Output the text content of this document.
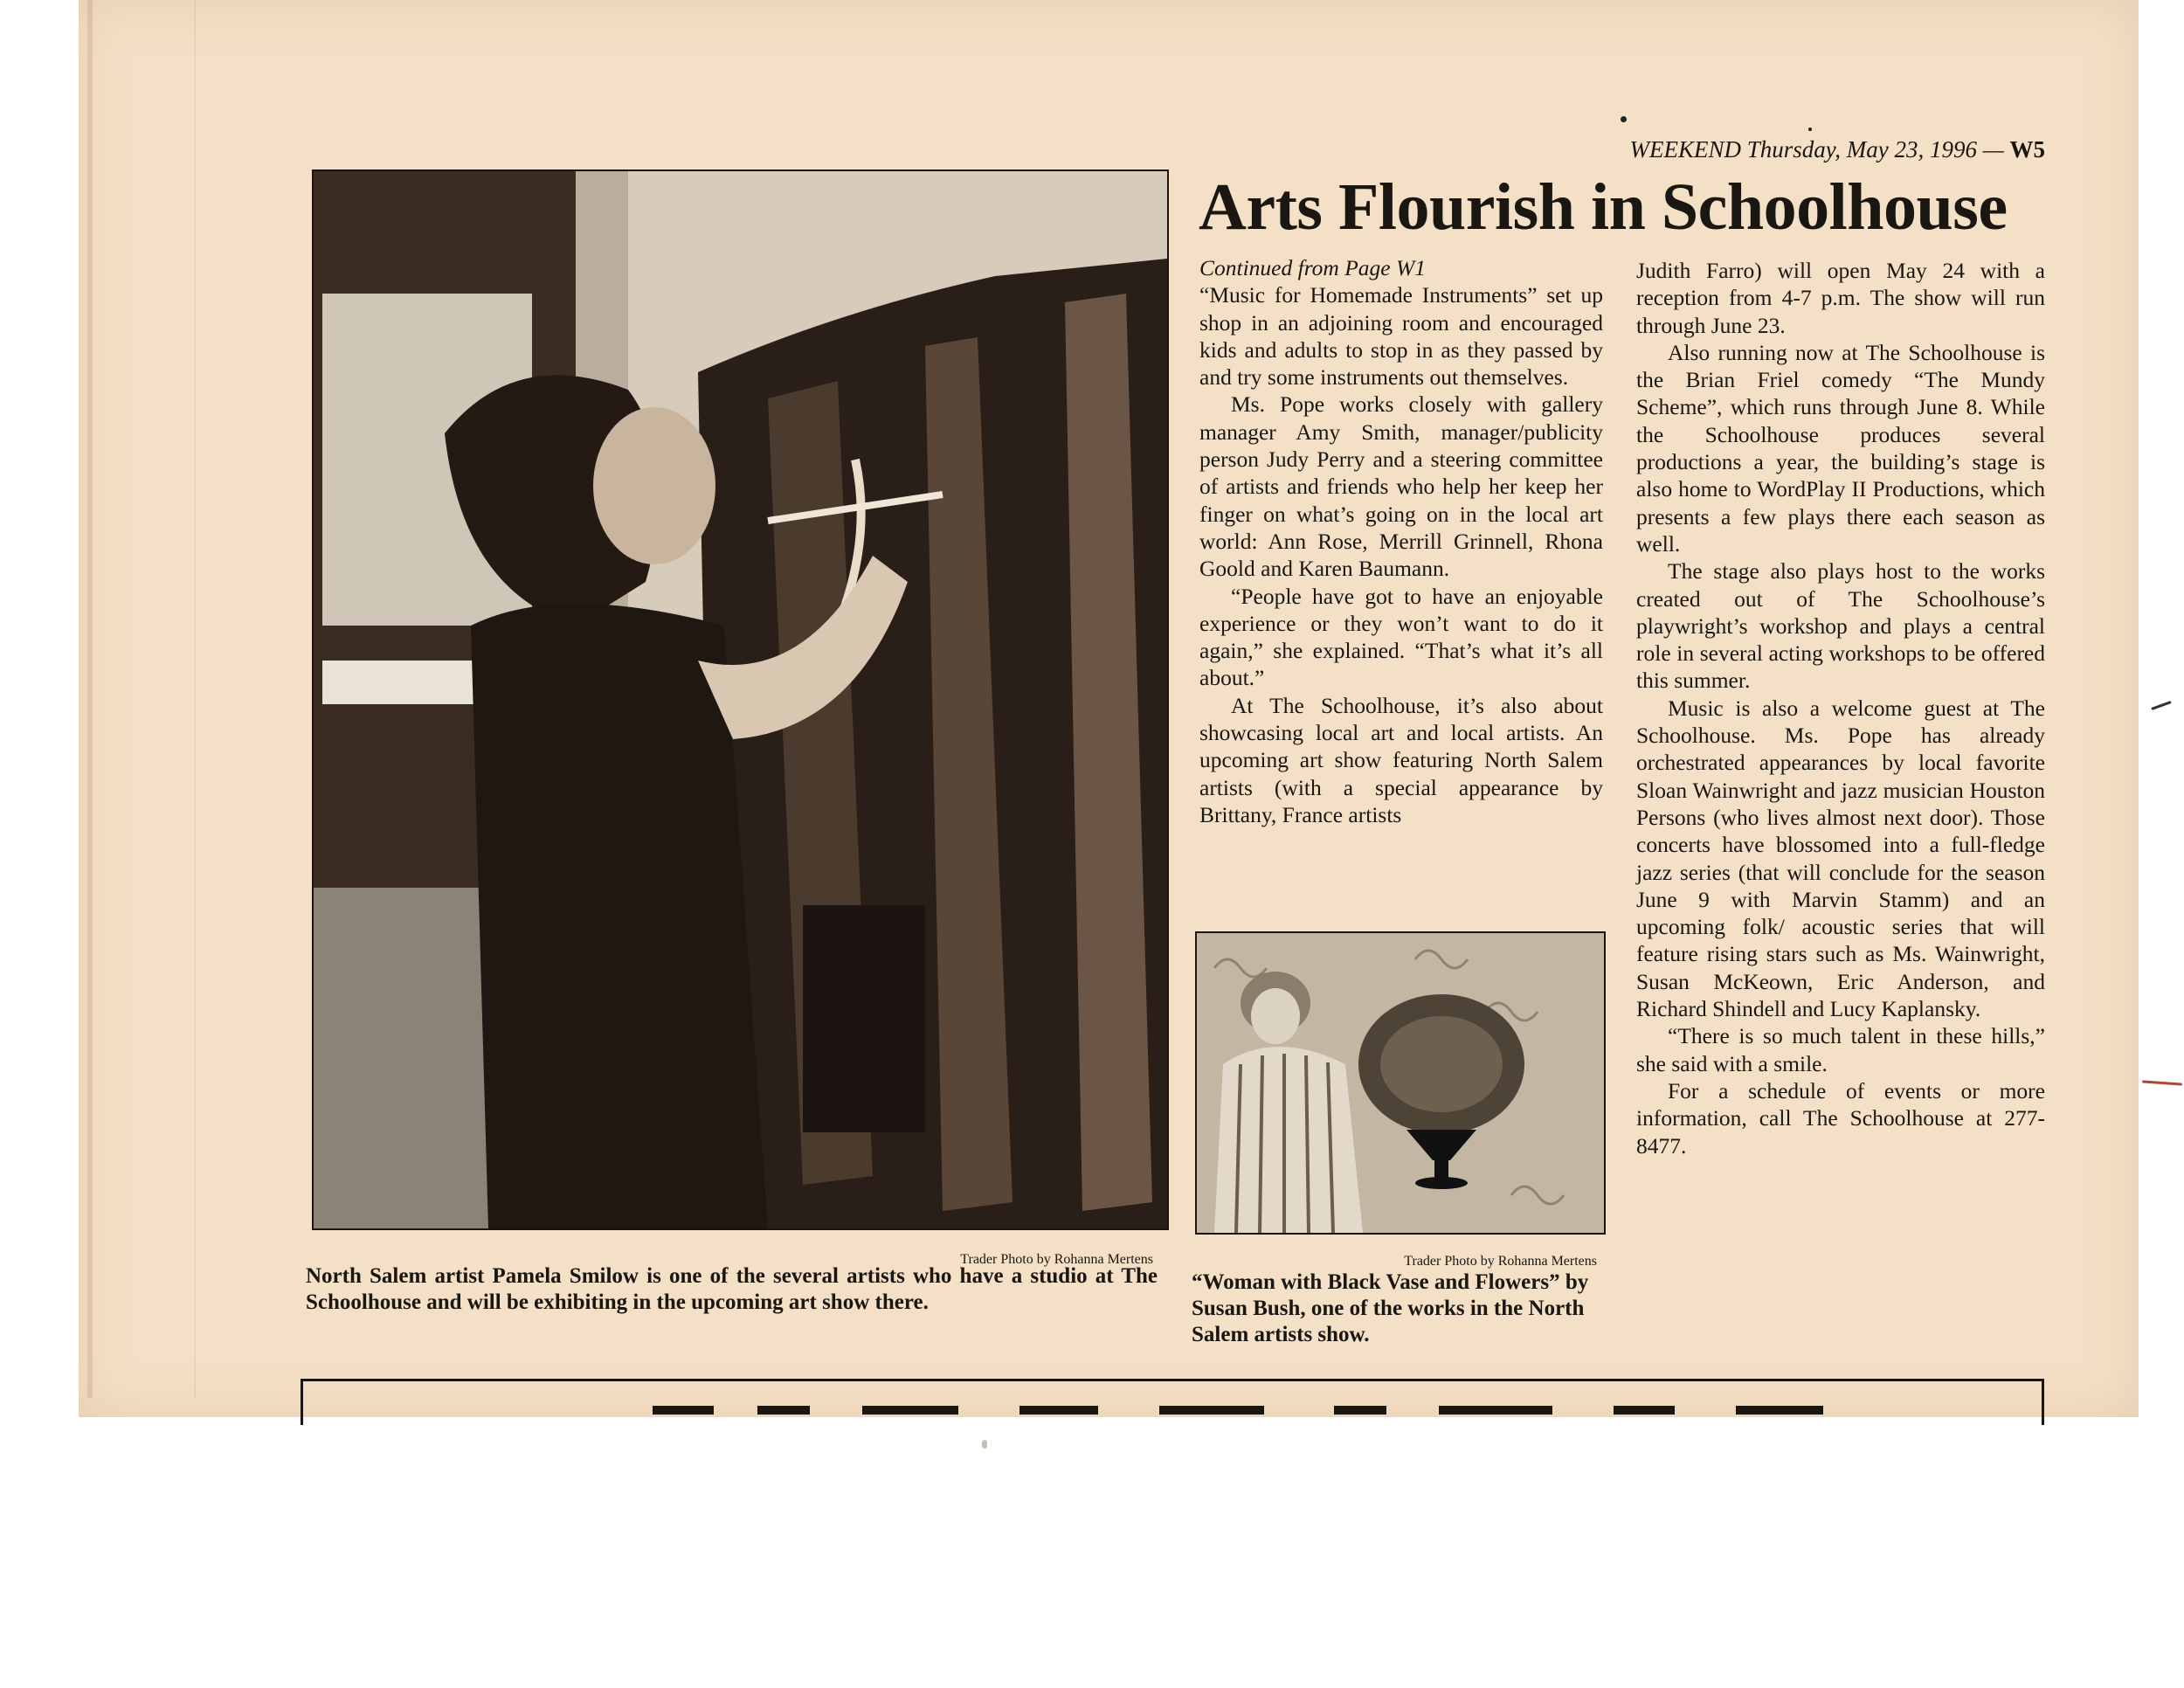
WEEKEND Thursday, May 23, 1996 — W5
Arts Flourish in Schoolhouse
Trader Photo by Rohanna Mertens
North Salem artist Pamela Smilow is one of the several artists who have a studio at The Schoolhouse and will be exhibiting in the upcoming art show there.

Continued from Page W1

“Music for Homemade Instruments” set up shop in an adjoining room and encouraged kids and adults to stop in as they passed by and try some instruments out themselves.

Ms. Pope works closely with gallery manager Amy Smith, manager/publicity person Judy Perry and a steering committee of artists and friends who help her keep her finger on what’s going on in the local art world: Ann Rose, Merrill Grinnell, Rhona Goold and Karen Baumann.

“People have got to have an enjoyable experience or they won’t want to do it again,” she explained. “That’s what it’s all about.”

At The Schoolhouse, it’s also about showcasing local art and local artists. An upcoming art show featuring North Salem artists (with a special appearance by Brittany, France artists

Judith Farro) will open May 24 with a reception from 4-7 p.m. The show will run through June 23.

Also running now at The Schoolhouse is the Brian Friel comedy “The Mundy Scheme”, which runs through June 8. While the Schoolhouse produces several productions a year, the building’s stage is also home to WordPlay II Productions, which presents a few plays there each season as well.

The stage also plays host to the works created out of The Schoolhouse’s playwright’s workshop and plays a central role in several acting workshops to be offered this summer.

Music is also a welcome guest at The Schoolhouse. Ms. Pope has already orchestrated appearances by local favorite Sloan Wainwright and jazz musician Houston Persons (who lives almost next door). Those concerts have blossomed into a full-fledge jazz series (that will conclude for the season June 9 with Marvin Stamm) and an upcoming folk/ acoustic series that will feature rising stars such as Ms. Wainwright, Susan McKeown, Eric Anderson, and Richard Shindell and Lucy Kaplansky.

“There is so much talent in these hills,” she said with a smile.

For a schedule of events or more information, call The Schoolhouse at 277-8477.

Trader Photo by Rohanna Mertens
“Woman with Black Vase and Flowers” by Susan Bush, one of the works in the North Salem artists show.
